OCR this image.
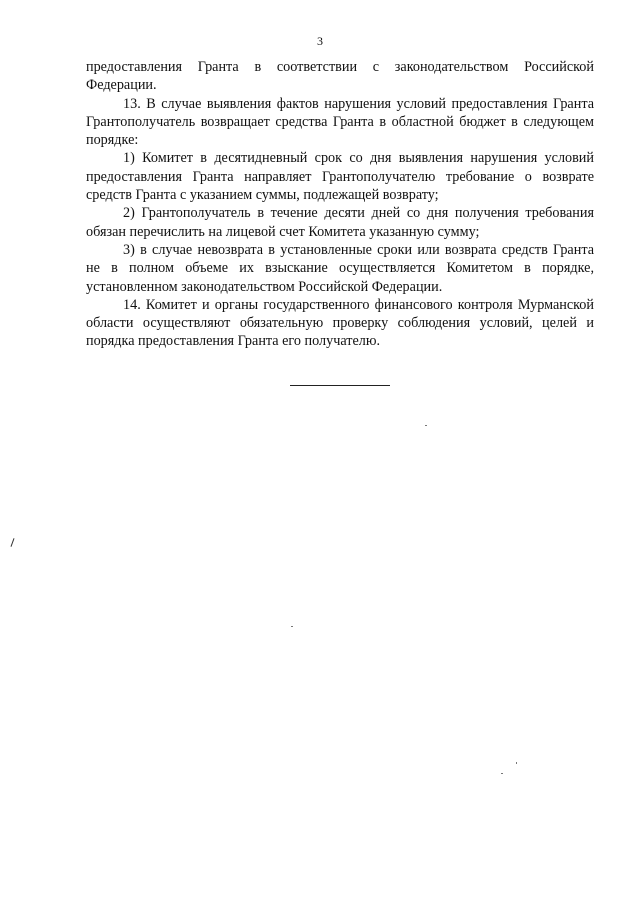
3

предоставления Гранта в соответствии с законодательством Российской Федерации.

13. В случае выявления фактов нарушения условий предоставления Гранта Грантополучатель возвращает средства Гранта в областной бюджет в следующем порядке:

1) Комитет в десятидневный срок со дня выявления нарушения условий предоставления Гранта направляет Грантополучателю требование о возврате средств Гранта с указанием суммы, подлежащей возврату;

2) Грантополучатель в течение десяти дней со дня получения требования обязан перечислить на лицевой счет Комитета указанную сумму;

3) в случае невозврата в установленные сроки или возврата средств Гранта не в полном объеме их взыскание осуществляется Комитетом в порядке, установленном законодательством Российской Федерации.

14. Комитет и органы государственного финансового контроля Мурманской области осуществляют обязательную проверку соблюдения условий, целей и порядка предоставления Гранта его получателю.
